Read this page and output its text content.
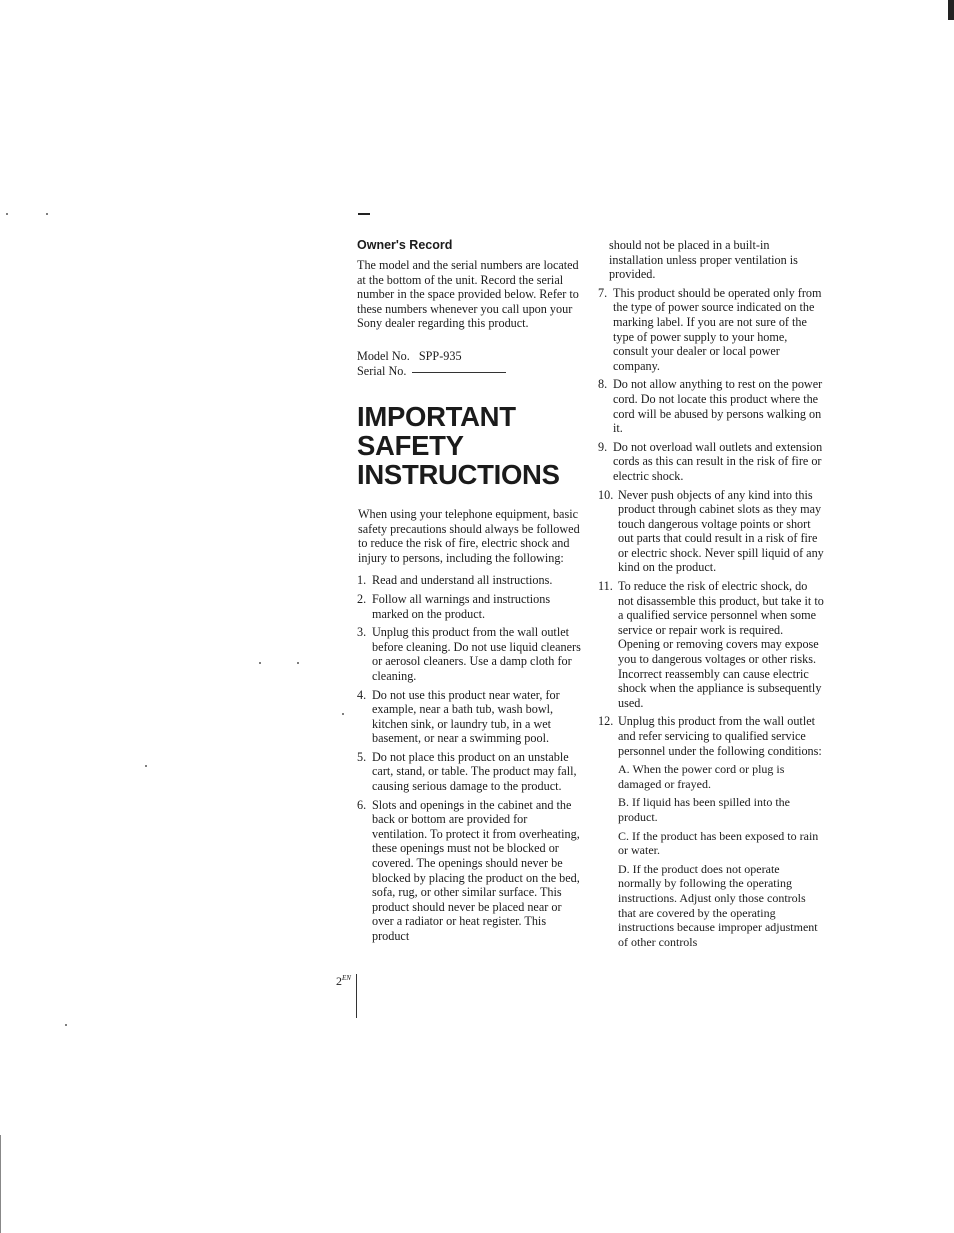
Owner's Record

The model and the serial numbers are located at the bottom of the unit. Record the serial number in the space provided below. Refer to these numbers whenever you call upon your Sony dealer regarding this product.

Model No. SPP-935
Serial No.
IMPORTANT
SAFETY
INSTRUCTIONS

When using your telephone equipment, basic safety precautions should always be followed to reduce the risk of fire, electric shock and injury to persons, including the following:

1. Read and understand all instructions.
2. Follow all warnings and instructions marked on the product.
3. Unplug this product from the wall outlet before cleaning. Do not use liquid cleaners or aerosol cleaners. Use a damp cloth for cleaning.
4. Do not use this product near water, for example, near a bath tub, wash bowl, kitchen sink, or laundry tub, in a wet basement, or near a swimming pool.
5. Do not place this product on an unstable cart, stand, or table. The product may fall, causing serious damage to the product.
6. Slots and openings in the cabinet and the back or bottom are provided for ventilation. To protect it from overheating, these openings must not be blocked or covered. The openings should never be blocked by placing the product on the bed, sofa, rug, or other similar surface. This product should never be placed near or over a radiator or heat register. This product

should not be placed in a built-in installation unless proper ventilation is provided.

7. This product should be operated only from the type of power source indicated on the marking label. If you are not sure of the type of power supply to your home, consult your dealer or local power company.
8. Do not allow anything to rest on the power cord. Do not locate this product where the cord will be abused by persons walking on it.
9. Do not overload wall outlets and extension cords as this can result in the risk of fire or electric shock.
10. Never push objects of any kind into this product through cabinet slots as they may touch dangerous voltage points or short out parts that could result in a risk of fire or electric shock. Never spill liquid of any kind on the product.
11. To reduce the risk of electric shock, do not disassemble this product, but take it to a qualified service personnel when some service or repair work is required. Opening or removing covers may expose you to dangerous voltages or other risks. Incorrect reassembly can cause electric shock when the appliance is subsequently used.
12. Unplug this product from the wall outlet and refer servicing to qualified service personnel under the following conditions:

A. When the power cord or plug is damaged or frayed.

B. If liquid has been spilled into the product.

C. If the product has been exposed to rain or water.

D. If the product does not operate normally by following the operating instructions. Adjust only those controls that are covered by the operating instructions because improper adjustment of other controls

$2^{EN}$
